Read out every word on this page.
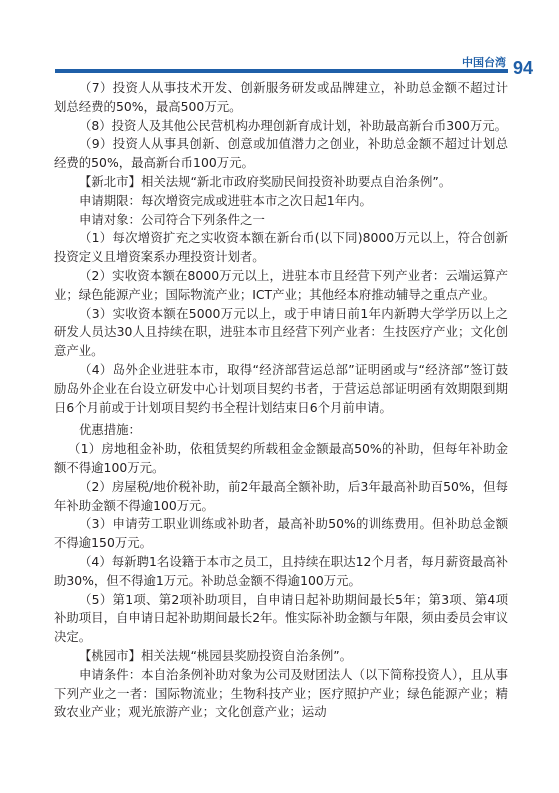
中国台湾 94

（7）投资人从事技术开发、创新服务研发或品牌建立，补助总金额不超过计划总经费的50%，最高500万元。

（8）投资人及其他公民营机构办理创新育成计划，补助最高新台币300万元。

（9）投资人从事具创新、创意或加值潜力之创业，补助总金额不超过计划总经费的50%，最高新台币100万元。

【新北市】相关法规“新北市政府奖励民间投资补助要点自治条例”。

申请期限：每次增资完成或进驻本市之次日起1年内。

申请对象：公司符合下列条件之一

（1）每次增资扩充之实收资本额在新台币(以下同)8000万元以上，符合创新投资定义且增资案系办理投资计划者。

（2）实收资本额在8000万元以上，进驻本市且经营下列产业者：云端运算产业；绿色能源产业；国际物流产业；ICT产业；其他经本府推动辅导之重点产业。

（3）实收资本额在5000万元以上，或于申请日前1年内新聘大学学历以上之研发人员达30人且持续在职，进驻本市且经营下列产业者：生技医疗产业；文化创意产业。

（4）岛外企业进驻本市，取得“经济部营运总部”证明函或与“经济部”签订鼓励岛外企业在台设立研发中心计划项目契约书者，于营运总部证明函有效期限到期日6个月前或于计划项目契约书全程计划结束日6个月前申请。

优惠措施：

（1）房地租金补助，依租赁契约所载租金金额最高50%的补助，但每年补助金额不得逾100万元。

（2）房屋税/地价税补助，前2年最高全额补助，后3年最高补助百50%，但每年补助金额不得逾100万元。

（3）申请劳工职业训练或补助者，最高补助50%的训练费用。但补助总金额不得逾150万元。

（4）每新聘1名设籍于本市之员工，且持续在职达12个月者，每月薪资最高补助30%，但不得逾1万元。补助总金额不得逾100万元。

（5）第1项、第2项补助项目，自申请日起补助期间最长5年；第3项、第4项补助项目，自申请日起补助期间最长2年。惟实际补助金额与年限，须由委员会审议决定。

【桃园市】相关法规“桃园县奖励投资自治条例”。

申请条件：本自治条例补助对象为公司及财团法人（以下简称投资人），且从事下列产业之一者：国际物流业；生物科技产业；医疗照护产业；绿色能源产业；精致农业产业；观光旅游产业；文化创意产业；运动
